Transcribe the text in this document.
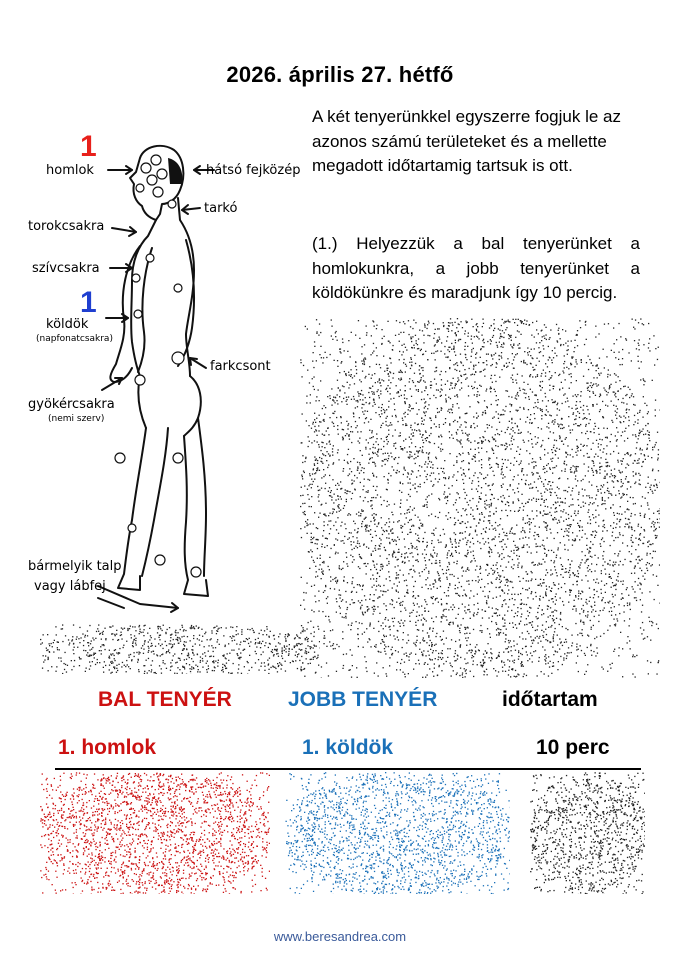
2026. április 27. hétfő

A két tenyerünkkel egyszerre fogjuk le az azonos számú területeket és a mellette megadott időtartamig tartsuk is ott.

(1.) Helyezzük a bal tenyerünket a homlokunkra, a jobb tenyerünket a köldökünkre és maradjunk így 10 percig.

1
1
homlok
torokcsakra
szívcsakra
köldök
(napfonatcsakra)
gyökércsakra
(nemi szerv)
bármelyik talp
vagy lábfej
hátsó fejközép
tarkó
farkcsont
BAL TENYÉR	JOBB TENYÉR	időtartam
1. homlok	1. köldök	10 perc
www.beresandrea.com
